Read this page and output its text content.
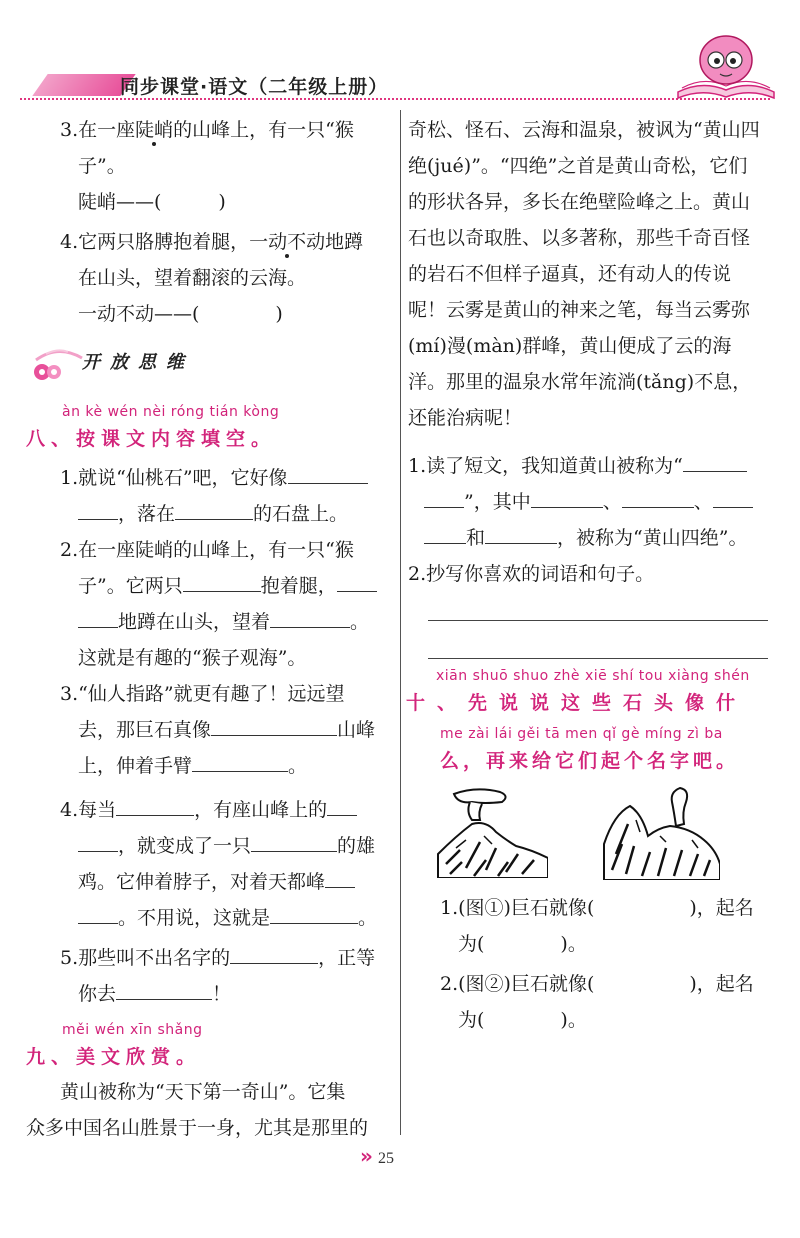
同步课堂·语文（二年级上册）
3.在一座陡峭的山峰上，有一只“猴
子”。
陡峭——(　　　)
4.它两只胳膊抱着腿，一动不动地蹲
在山头，望着翻滚的云海。
一动不动——(　　　　)
开放思维
àn kè wén nèi róng tián kòng
八、按课文内容填空。
1.就说“仙桃石”吧，它好像
，落在	的石盘上。
2.在一座陡峭的山峰上，有一只“猴
子”。它两只	抱着腿，
地蹲在山头，望着	。
这就是有趣的“猴子观海”。
3.“仙人指路”就更有趣了！远远望
去，那巨石真像	山峰
上，伸着手臂	。
4.每当	，有座山峰上的
，就变成了一只	的雄
鸡。它伸着脖子，对着天都峰
。不用说，这就是	。
5.那些叫不出名字的	，正等
你去	！
měi wén xīn shǎng
九、美文欣赏。
黄山被称为“天下第一奇山”。它集
众多中国名山胜景于一身，尤其是那里的
奇松、怪石、云海和温泉，被讽为“黄山四
绝(jué)”。“四绝”之首是黄山奇松，它们
的形状各异，多长在绝壁险峰之上。黄山
石也以奇取胜、以多著称，那些千奇百怪
的岩石不但样子逼真，还有动人的传说
呢！云雾是黄山的神来之笔，每当云雾弥
(mí)漫(màn)群峰，黄山便成了云的海
洋。那里的温泉水常年流淌(tǎng)不息，
还能治病呢！
1.读了短文，我知道黄山被称为“
”，其中	、	、
和	，被称为“黄山四绝”。
2.抄写你喜欢的词语和句子。
xiān shuō shuo zhè xiē shí tou xiàng shén
十、先说说这些石头像什
me zài lái gěi tā men qǐ gè míng zì ba
么，再来给它们起个名字吧。
1.(图①)巨石就像(　　　　　)，起名
为(　　　　)。
2.(图②)巨石就像(　　　　　)，起名
为(　　　　)。
» 25
